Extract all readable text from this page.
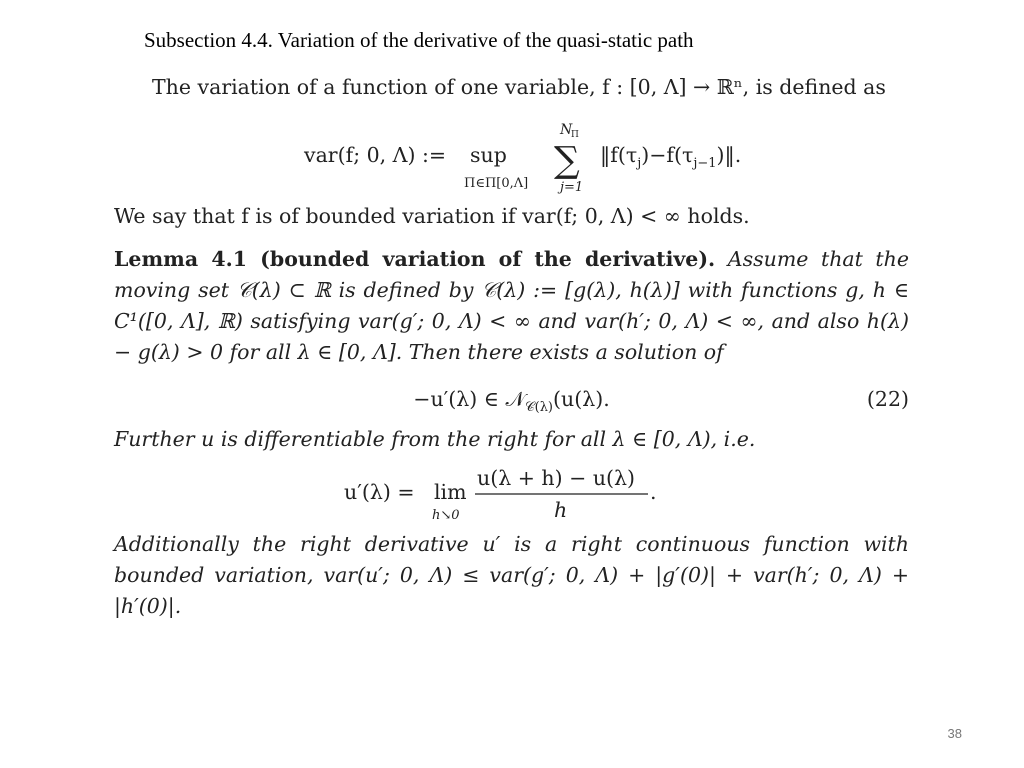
Subsection 4.4. Variation of the derivative of the quasi-static path

The variation of a function of one variable, f : [0, Λ] → ℝⁿ, is defined as

var(f; 0, Λ) := sup
Π∈Π[0,Λ]
N
Π
∑
j=1
$‖f(\tau_j)-f(\tau_{j-1})‖$.

We say that f is of bounded variation if var(f; 0, Λ) < ∞ holds.

Lemma 4.1 (bounded variation of the derivative). Assume that the moving set 𝒞(λ) ⊂ ℝ is defined by 𝒞(λ) := [g(λ), h(λ)] with functions g, h ∈ C¹([0, Λ], ℝ) satisfying var(g′; 0, Λ) < ∞ and var(h′; 0, Λ) < ∞, and also h(λ) − g(λ) > 0 for all λ ∈ [0, Λ]. Then there exists a solution of

−u′(λ) ∈ 𝒩$_{𝒞(\lambda)}$(u(λ).	(22)

Further u is differentiable from the right for all λ ∈ [0, Λ), i.e.

u′(λ) = lim
h↘0
u(λ + h) − u(λ)
h
.

Additionally the right derivative u′ is a right continuous function with bounded variation, var(u′; 0, Λ) ≤ var(g′; 0, Λ) + |g′(0)| + var(h′; 0, Λ) + |h′(0)|.

38
